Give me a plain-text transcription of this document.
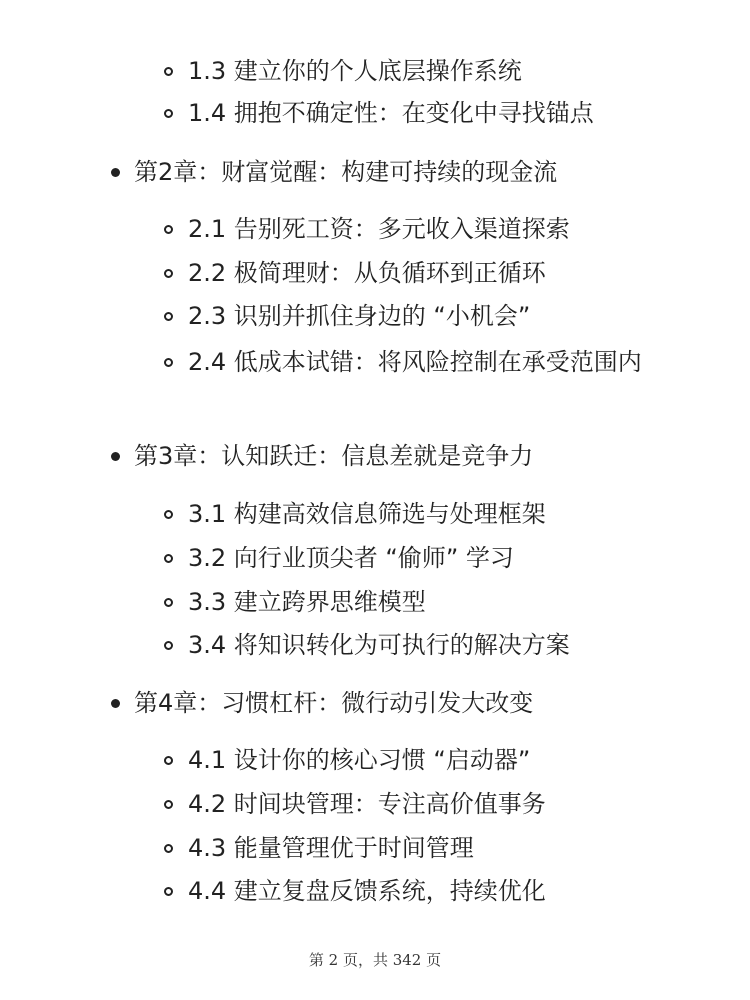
1.3 建立你的个人底层操作系统
1.4 拥抱不确定性：在变化中寻找锚点
第2章：财富觉醒：构建可持续的现金流
2.1 告别死工资：多元收入渠道探索
2.2 极简理财：从负循环到正循环
2.3 识别并抓住身边的 “小机会”
2.4 低成本试错：将风险控制在承受范围内
第3章：认知跃迁：信息差就是竞争力
3.1 构建高效信息筛选与处理框架
3.2 向行业顶尖者 “偷师” 学习
3.3 建立跨界思维模型
3.4 将知识转化为可执行的解决方案
第4章：习惯杠杆：微行动引发大改变
4.1 设计你的核心习惯 “启动器”
4.2 时间块管理：专注高价值事务
4.3 能量管理优于时间管理
4.4 建立复盘反馈系统，持续优化
第 2 页，共 342 页
